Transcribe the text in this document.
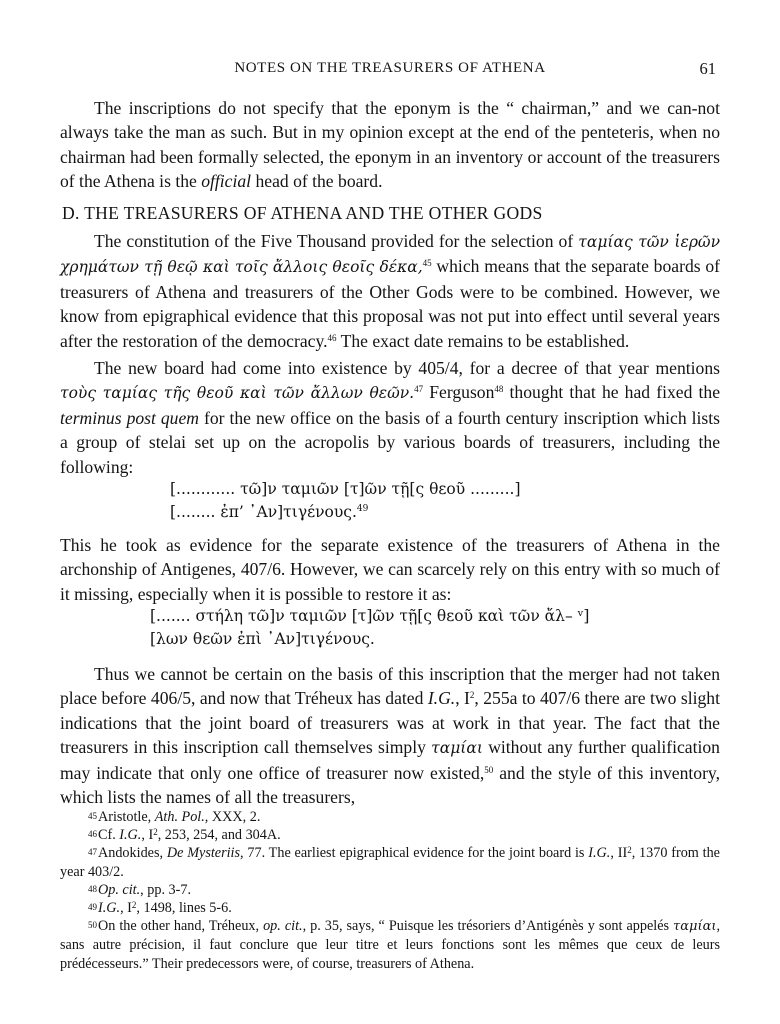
NOTES ON THE TREASURERS OF ATHENA	61

The inscriptions do not specify that the eponym is the “ chairman,” and we can-not always take the man as such. But in my opinion except at the end of the penteteris, when no chairman had been formally selected, the eponym in an inventory or account of the treasurers of the Athena is the official head of the board.

D. THE TREASURERS OF ATHENA AND THE OTHER GODS

The constitution of the Five Thousand provided for the selection of ταμίας τῶν ἱερῶν χρημάτων τῇ θεῷ καὶ τοῖς ἄλλοις θεοῖς δέκα,$^{45}$ which means that the separate boards of treasurers of Athena and treasurers of the Other Gods were to be combined. However, we know from epigraphical evidence that this proposal was not put into effect until several years after the restoration of the democracy.$^{46}$ The exact date remains to be established.

The new board had come into existence by 405/4, for a decree of that year mentions τοὺς ταμίας τῆς θεοῦ καὶ τῶν ἄλλων θεῶν.$^{47}$ Ferguson$^{48}$ thought that he had fixed the terminus post quem for the new office on the basis of a fourth century inscription which lists a group of stelai set up on the acropolis by various boards of treasurers, including the following:

[............ τῶ]ν ταμιῶν [τ]ῶν τῇ[ς θεοῦ .........]

[........ ἐπ’ ᾿Αν]τιγένους.$^{49}$

This he took as evidence for the separate existence of the treasurers of Athena in the archonship of Antigenes, 407/6. However, we can scarcely rely on this entry with so much of it missing, especially when it is possible to restore it as:

[....... στήλη τῶ]ν ταμιῶν [τ]ῶν τῇ[ς θεοῦ καὶ τῶν ἄλ– ᵛ]

[λων θεῶν ἐπὶ ᾿Αν]τιγένους.

Thus we cannot be certain on the basis of this inscription that the merger had not taken place before 406/5, and now that Tréheux has dated I.G., $I^2$, 255a to 407/6 there are two slight indications that the joint board of treasurers was at work in that year. The fact that the treasurers in this inscription call themselves simply ταμίαι without any further qualification may indicate that only one office of treasurer now existed,$^{50}$ and the style of this inventory, which lists the names of all the treasurers,

$^{45}$Aristotle, Ath. Pol., XXX, 2.

$^{46}$Cf. I.G., $I^2$, 253, 254, and 304A.

$^{47}$Andokides, De Mysteriis, 77. The earliest epigraphical evidence for the joint board is I.G., $II^2$, 1370 from the year 403/2.

$^{48}$Op. cit., pp. 3-7.

$^{49}$I.G., $I^2$, 1498, lines 5-6.

$^{50}$On the other hand, Tréheux, op. cit., p. 35, says, “ Puisque les trésoriers d’Antigénès y sont appelés ταμίαι, sans autre précision, il faut conclure que leur titre et leurs fonctions sont les mêmes que ceux de leurs prédécesseurs.” Their predecessors were, of course, treasurers of Athena.
